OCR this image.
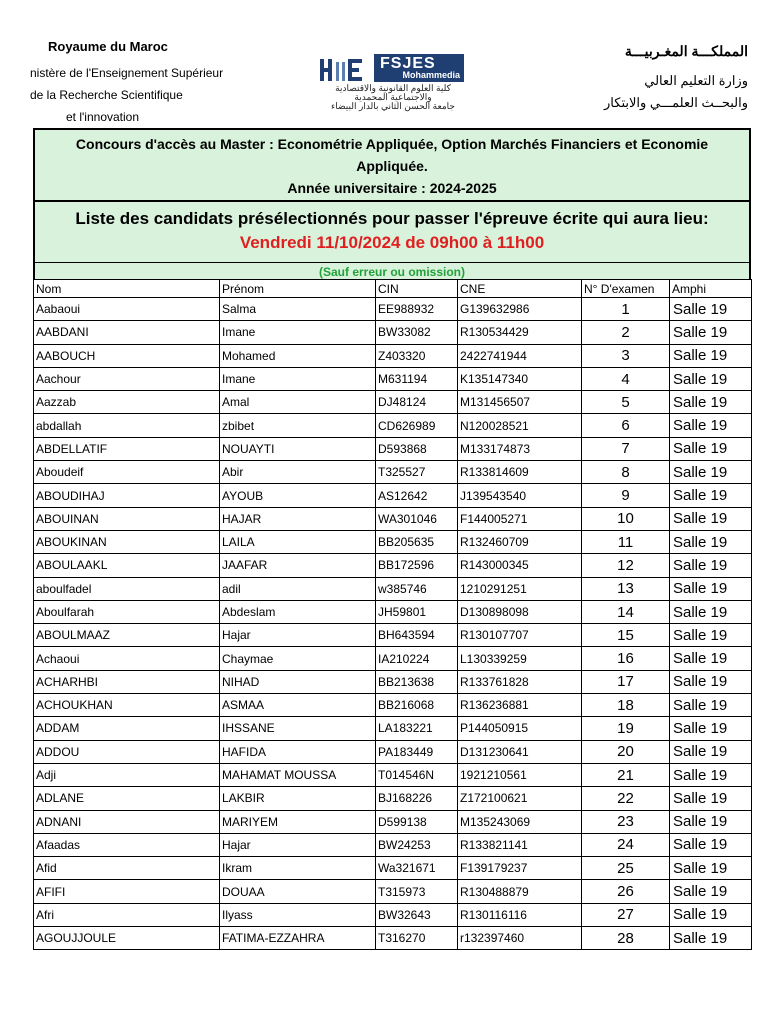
Royaume du Maroc
nistère de l'Enseignement Supérieur
de la Recherche Scientifique
et l'innovation
FSJES
Mohammedia
كلية العلوم القانونية والاقتصادية
والاجتماعية المحمدية
جامعة الحسن الثاني بالدار البيضاء
المملكـــة المغـربيـــة
وزارة التعليم العالي
والبحــث العلمـــي والابتكار
Concours d'accès au Master : Econométrie Appliquée, Option Marchés Financiers et Economie
Appliquée.
Année universitaire : 2024-2025
Liste des candidats présélectionnés pour passer l'épreuve écrite qui aura lieu:
Vendredi 11/10/2024 de 09h00 à 11h00
(Sauf erreur ou omission)
Nom	Prénom	CIN	CNE	N° D'examen	Amphi
Aabaoui	Salma	EE988932	G139632986	1	Salle 19
AABDANI	Imane	BW33082	R130534429	2	Salle 19
AABOUCH	Mohamed	Z403320	2422741944	3	Salle 19
Aachour	Imane	M631194	K135147340	4	Salle 19
Aazzab	Amal	DJ48124	M131456507	5	Salle 19
abdallah	zbibet	CD626989	N120028521	6	Salle 19
ABDELLATIF	NOUAYTI	D593868	M133174873	7	Salle 19
Aboudeif	Abir	T325527	R133814609	8	Salle 19
ABOUDIHAJ	AYOUB	AS12642	J139543540	9	Salle 19
ABOUINAN	HAJAR	WA301046	F144005271	10	Salle 19
ABOUKINAN	LAILA	BB205635	R132460709	11	Salle 19
ABOULAAKL	JAAFAR	BB172596	R143000345	12	Salle 19
aboulfadel	adil	w385746	1210291251	13	Salle 19
Aboulfarah	Abdeslam	JH59801	D130898098	14	Salle 19
ABOULMAAZ	Hajar	BH643594	R130107707	15	Salle 19
Achaoui	Chaymae	IA210224	L130339259	16	Salle 19
ACHARHBI	NIHAD	BB213638	R133761828	17	Salle 19
ACHOUKHAN	ASMAA	BB216068	R136236881	18	Salle 19
ADDAM	IHSSANE	LA183221	P144050915	19	Salle 19
ADDOU	HAFIDA	PA183449	D131230641	20	Salle 19
Adji	MAHAMAT MOUSSA	T014546N	1921210561	21	Salle 19
ADLANE	LAKBIR	BJ168226	Z172100621	22	Salle 19
ADNANI	MARIYEM	D599138	M135243069	23	Salle 19
Afaadas	Hajar	BW24253	R133821141	24	Salle 19
Afid	Ikram	Wa321671	F139179237	25	Salle 19
AFIFI	DOUAA	T315973	R130488879	26	Salle 19
Afri	Ilyass	BW32643	R130116116	27	Salle 19
AGOUJJOULE	FATIMA-EZZAHRA	T316270	r132397460	28	Salle 19
